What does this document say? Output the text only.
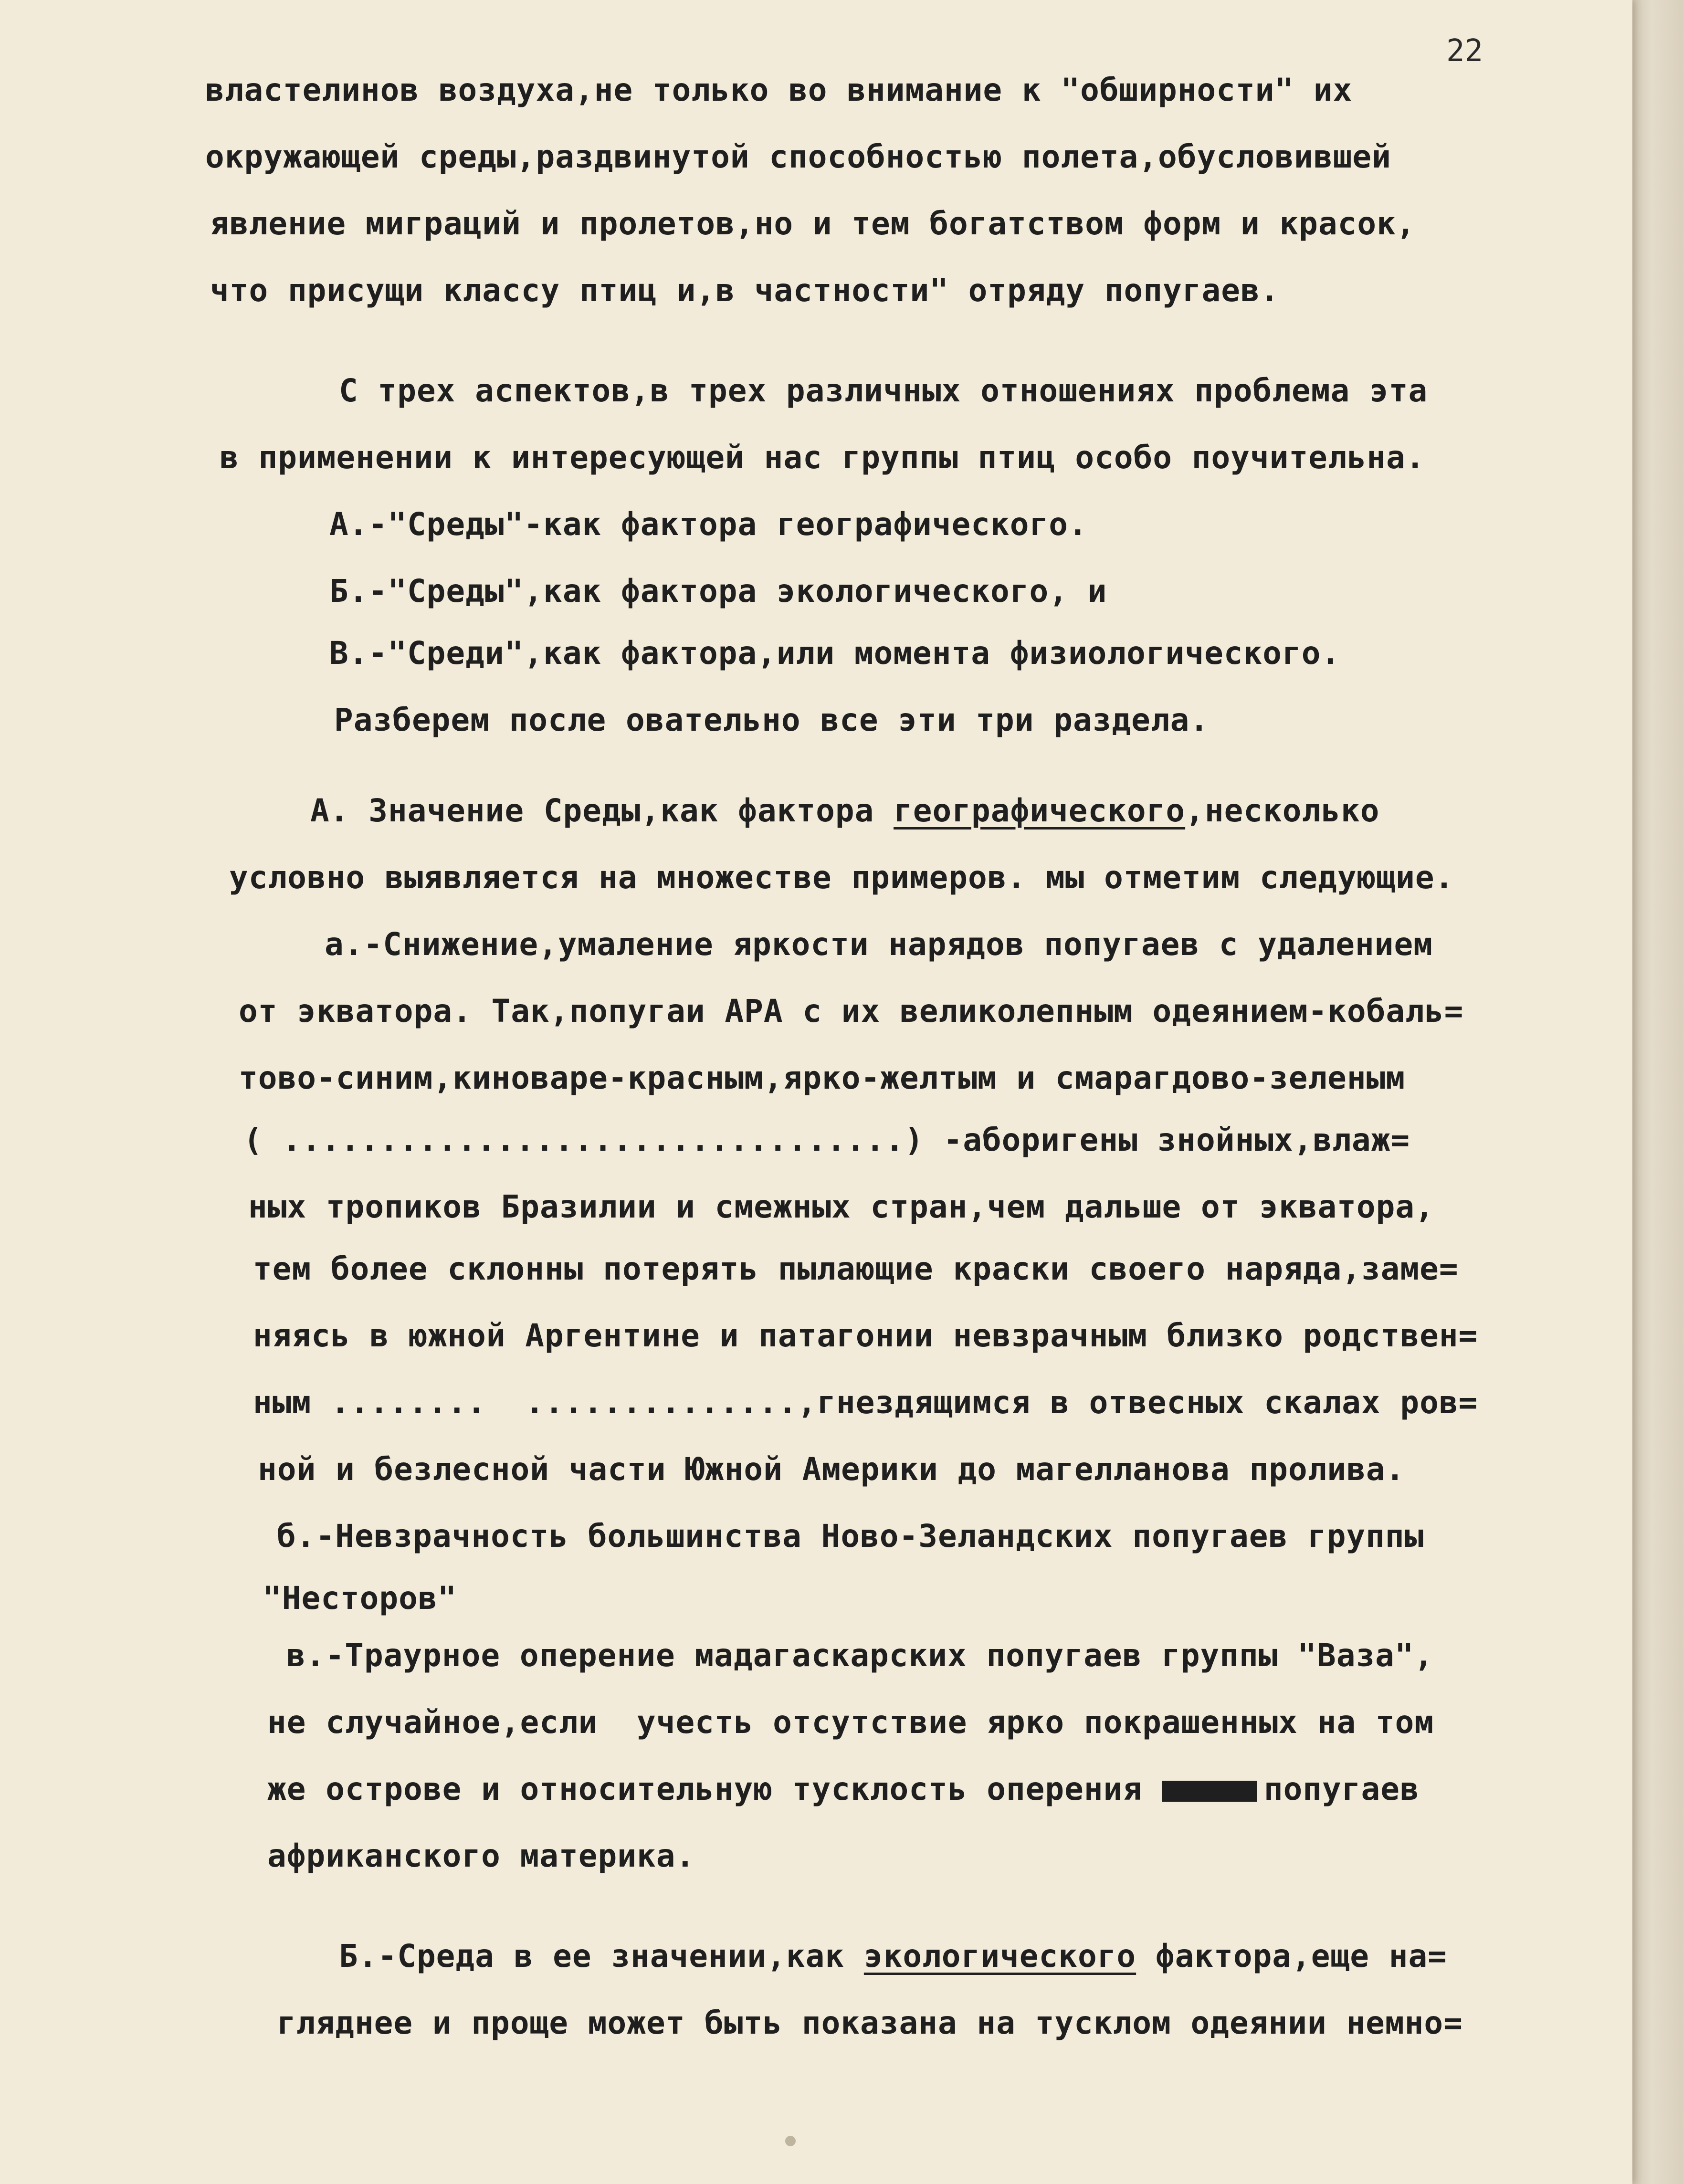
22
властелинов воздуха,не только во внимание к "обширности" их
окружающей среды,раздвинутой способностью полета,обусловившей
явление миграций и пролетов,но и тем богатством форм и красок,
что присущи классу птиц и,в частности" отряду попугаев.
С трех аспектов,в трех различных отношениях проблема эта
в применении к интересующей нас группы птиц особо поучительна.
А.-"Среды"-как фактора географического.
Б.-"Среды",как фактора экологического, и
В.-"Среди",как фактора,или момента физиологического.
Разберем после овательно все эти три раздела.
А. Значение Среды,как фактора географического,несколько
условно выявляется на множестве примеров. мы отметим следующие.
а.-Снижение,умаление яркости нарядов попугаев с удалением
от экватора. Так,попугаи АРА с их великолепным одеянием-кобаль=
тово-синим,киноваре-красным,ярко-желтым и смарагдово-зеленым
( ................................) -аборигены знойных,влаж=
ных тропиков Бразилии и смежных стран,чем дальше от экватора,
тем более склонны потерять пылающие краски своего наряда,заме=
няясь в южной Аргентине и патагонии невзрачным близко родствен=
ным ........  ..............,гнездящимся в отвесных скалах ров=
ной и безлесной части Южной Америки до магелланова пролива.
б.-Невзрачность большинства Ново-Зеландских попугаев группы
"Несторов"
в.-Траурное оперение мадагаскарских попугаев группы "Ваза",
не случайное,если  учесть отсутствие ярко покрашенных на том
же острове и относительную тусклость оперения	попугаев
африканского материка.
Б.-Среда в ее значении,как экологического фактора,еще на=
гляднее и проще может быть показана на тусклом одеянии немно=
